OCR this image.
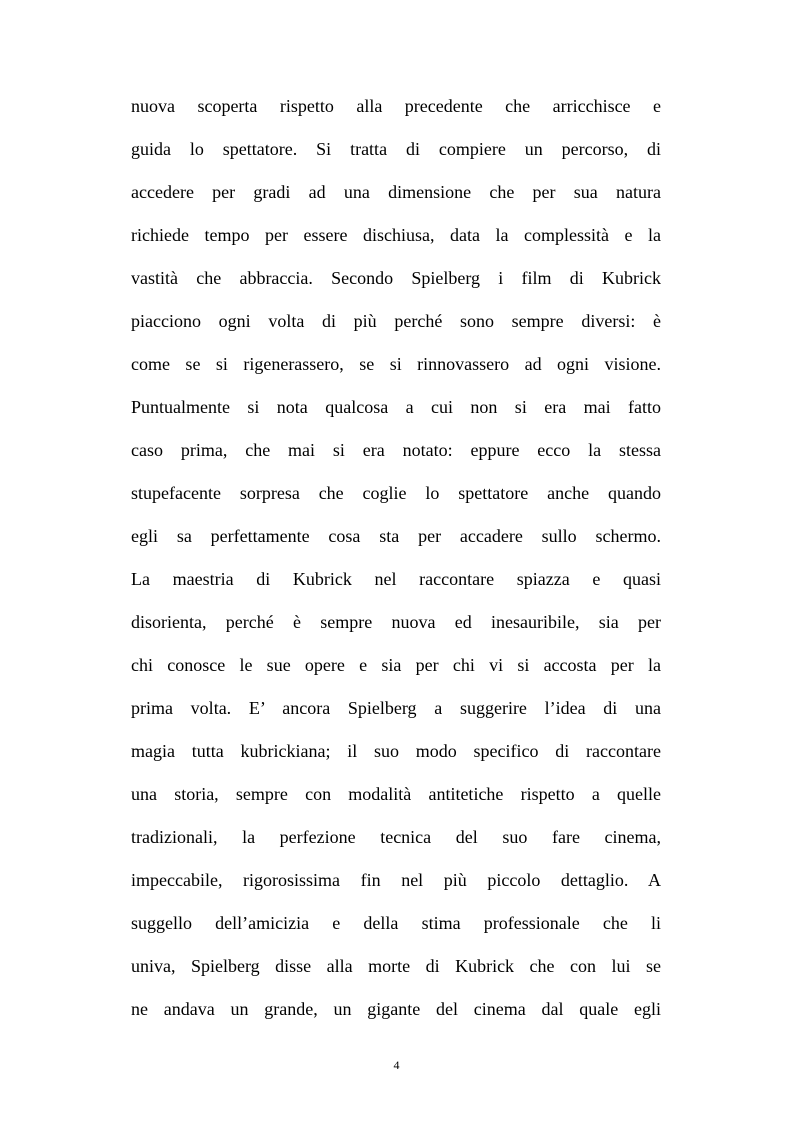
nuova scoperta rispetto alla precedente che arricchisce e
guida lo spettatore. Si tratta di compiere un percorso, di
accedere per gradi ad una dimensione che per sua natura
richiede tempo per essere dischiusa, data la complessità e la
vastità che abbraccia. Secondo Spielberg i film di Kubrick
piacciono ogni volta di più perché sono sempre diversi: è
come se si rigenerassero, se si rinnovassero ad ogni visione.
Puntualmente si nota qualcosa a cui non si era mai fatto
caso prima, che mai si era notato: eppure ecco la stessa
stupefacente sorpresa che coglie lo spettatore anche quando
egli sa perfettamente cosa sta per accadere sullo schermo.
La maestria di Kubrick nel raccontare spiazza e quasi
disorienta, perché è sempre nuova ed inesauribile, sia per
chi conosce le sue opere e sia per chi vi si accosta per la
prima volta. E’ ancora Spielberg a suggerire l’idea di una
magia tutta kubrickiana; il suo modo specifico di raccontare
una storia, sempre con modalità antitetiche rispetto a quelle
tradizionali, la perfezione tecnica del suo fare cinema,
impeccabile, rigorosissima fin nel più piccolo dettaglio. A
suggello dell’amicizia e della stima professionale che li
univa, Spielberg disse alla morte di Kubrick che con lui se
ne andava un grande, un gigante del cinema dal quale egli
4
